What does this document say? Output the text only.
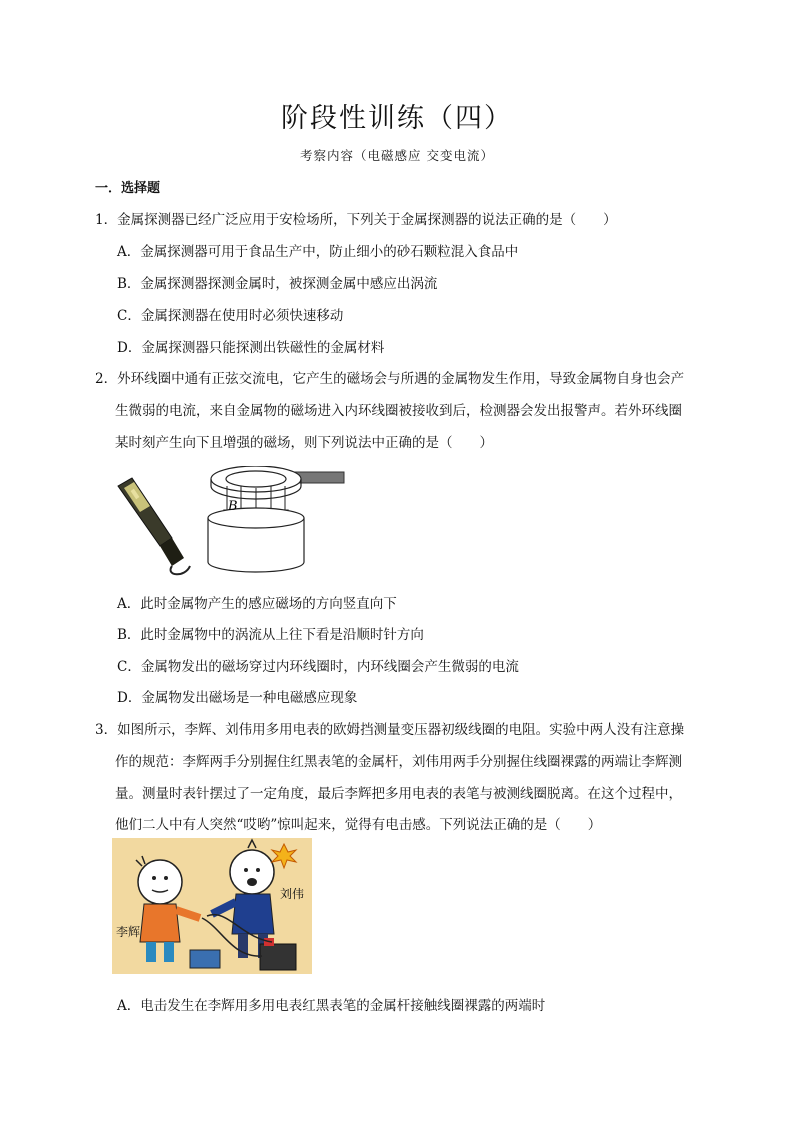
阶段性训练（四）
考察内容（电磁感应 交变电流）
一．选择题
1．金属探测器已经广泛应用于安检场所，下列关于金属探测器的说法正确的是（　　）
A．金属探测器可用于食品生产中，防止细小的砂石颗粒混入食品中
B．金属探测器探测金属时，被探测金属中感应出涡流
C．金属探测器在使用时必须快速移动
D．金属探测器只能探测出铁磁性的金属材料
2．外环线圈中通有正弦交流电，它产生的磁场会与所遇的金属物发生作用，导致金属物自身也会产
生微弱的电流，来自金属物的磁场进入内环线圈被接收到后，检测器会发出报警声。若外环线圈
某时刻产生向下且增强的磁场，则下列说法中正确的是（　　）
B
A．此时金属物产生的感应磁场的方向竖直向下
B．此时金属物中的涡流从上往下看是沿顺时针方向
C．金属物发出的磁场穿过内环线圈时，内环线圈会产生微弱的电流
D．金属物发出磁场是一种电磁感应现象
3．如图所示，李辉、刘伟用多用电表的欧姆挡测量变压器初级线圈的电阻。实验中两人没有注意操
作的规范：李辉两手分别握住红黑表笔的金属杆，刘伟用两手分别握住线圈裸露的两端让李辉测
量。测量时表针摆过了一定角度，最后李辉把多用电表的表笔与被测线圈脱离。在这个过程中，
他们二人中有人突然“哎哟”惊叫起来，觉得有电击感。下列说法正确的是（　　）
刘伟
李辉
A．电击发生在李辉用多用电表红黑表笔的金属杆接触线圈裸露的两端时
